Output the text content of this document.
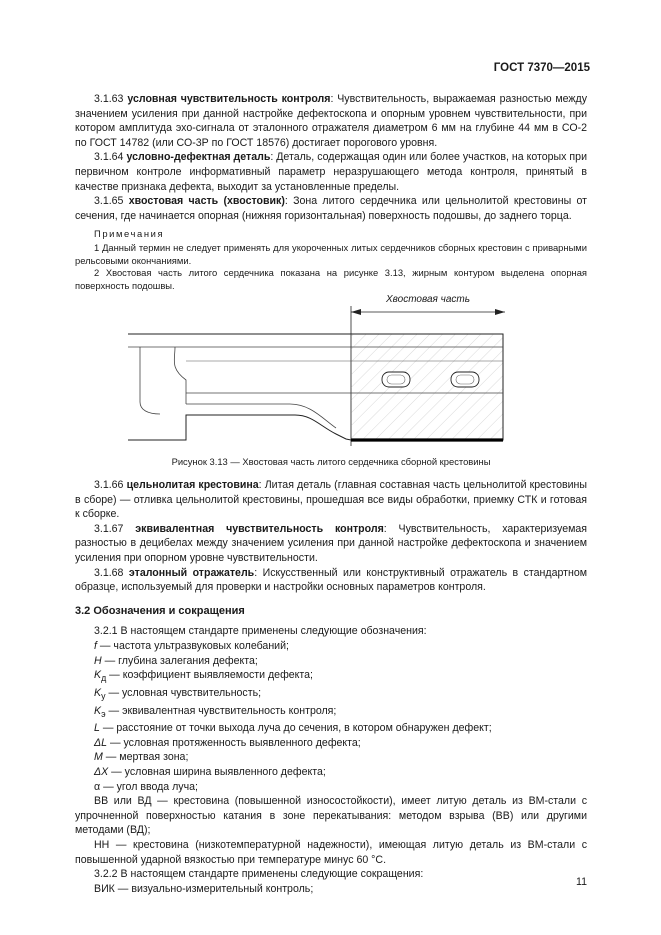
ГОСТ 7370—2015

3.1.63 условная чувствительность контроля: Чувствительность, выражаемая разностью между значением усиления при данной настройке дефектоскопа и опорным уровнем чувствительности, при котором амплитуда эхо-сигнала от эталонного отражателя диаметром 6 мм на глубине 44 мм в СО-2 по ГОСТ 14782 (или СО-3Р по ГОСТ 18576) достигает порогового уровня.

3.1.64 условно-дефектная деталь: Деталь, содержащая один или более участков, на которых при первичном контроле информативный параметр неразрушающего метода контроля, принятый в качестве признака дефекта, выходит за установленные пределы.

3.1.65 хвостовая часть (хвостовик): Зона литого сердечника или цельнолитой крестовины от сечения, где начинается опорная (нижняя горизонтальная) поверхность подошвы, до заднего торца.

Примечания

1 Данный термин не следует применять для укороченных литых сердечников сборных крестовин с приварными рельсовыми окончаниями.

2 Хвостовая часть литого сердечника показана на рисунке 3.13, жирным контуром выделена опорная поверхность подошвы.

Хвостовая часть
Рисунок 3.13 — Хвостовая часть литого сердечника сборной крестовины

3.1.66 цельнолитая крестовина: Литая деталь (главная составная часть цельнолитой крестовины в сборе) — отливка цельнолитой крестовины, прошедшая все виды обработки, приемку СТК и готовая к сборке.

3.1.67 эквивалентная чувствительность контроля: Чувствительность, характеризуемая разностью в децибелах между значением усиления при данной настройке дефектоскопа и значением усиления при опорном уровне чувствительности.

3.1.68 эталонный отражатель: Искусственный или конструктивный отражатель в стандартном образце, используемый для проверки и настройки основных параметров контроля.

3.2 Обозначения и сокращения

3.2.1 В настоящем стандарте применены следующие обозначения:

f — частота ультразвуковых колебаний;

H — глубина залегания дефекта;

$K_д$ — коэффициент выявляемости дефекта;

$K_у$ — условная чувствительность;

$K_э$ — эквивалентная чувствительность контроля;

L — расстояние от точки выхода луча до сечения, в котором обнаружен дефект;

ΔL — условная протяженность выявленного дефекта;

M — мертвая зона;

ΔX — условная ширина выявленного дефекта;

α — угол ввода луча;

ВВ или ВД — крестовина (повышенной износостойкости), имеет литую деталь из ВМ-стали с упрочненной поверхностью катания в зоне перекатывания: методом взрыва (ВВ) или другими методами (ВД);

НН — крестовина (низкотемпературной надежности), имеющая литую деталь из ВМ-стали с повышенной ударной вязкостью при температуре минус 60 °С.

3.2.2 В настоящем стандарте применены следующие сокращения:

ВИК — визуально-измерительный контроль;

11
